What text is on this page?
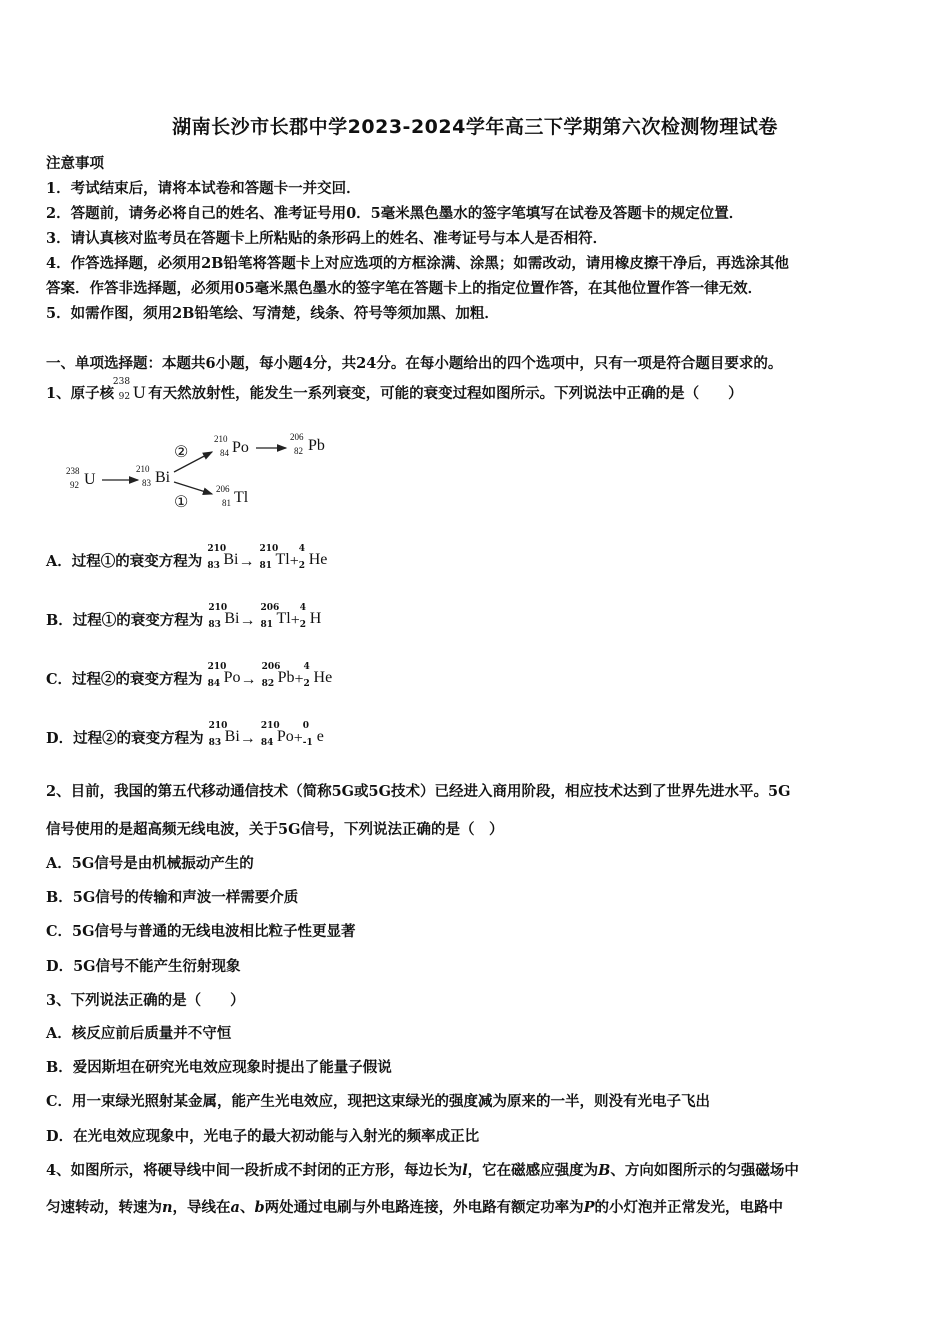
湖南长沙市长郡中学2023-2024学年高三下学期第六次检测物理试卷
注意事项
1．考试结束后，请将本试卷和答题卡一并交回．
2．答题前，请务必将自己的姓名、准考证号用0．5毫米黑色墨水的签字笔填写在试卷及答题卡的规定位置．
3．请认真核对监考员在答题卡上所粘贴的条形码上的姓名、准考证号与本人是否相符．
4．作答选择题，必须用2B铅笔将答题卡上对应选项的方框涂满、涂黑；如需改动，请用橡皮擦干净后，再选涂其他
答案．作答非选择题，必须用05毫米黑色墨水的签字笔在答题卡上的指定位置作答，在其他位置作答一律无效．
5．如需作图，须用2B铅笔绘、写清楚，线条、符号等须加黑、加粗．
一、单项选择题：本题共6小题，每小题4分，共24分。在每小题给出的四个选项中，只有一项是符合题目要求的。
1、原子核
238
92 U 有天然放射性，能发生一系列衰变，可能的衰变过程如图所示。下列说法中正确的是（　　）
238
92 U
210
83 Bi
②
①
210
84 Po
206
82 Pb
206
81 Tl
A．过程①的衰变方程为
210
83 Bi→
210
81 Tl+
4
2 He
B．过程①的衰变方程为
210
83 Bi→
206
81 Tl+
4
2 H
C．过程②的衰变方程为
210
84 Po→
206
82 Pb+
4
2 He
D．过程②的衰变方程为
210
83 Bi→
210
84 Po+
0
-1 e
2、目前，我国的第五代移动通信技术（简称5G或5G技术）已经进入商用阶段，相应技术达到了世界先进水平。5G
信号使用的是超高频无线电波，关于5G信号，下列说法正确的是（　）
A．5G信号是由机械振动产生的
B．5G信号的传输和声波一样需要介质
C．5G信号与普通的无线电波相比粒子性更显著
D．5G信号不能产生衍射现象
3、下列说法正确的是（　　）
A．核反应前后质量并不守恒
B．爱因斯坦在研究光电效应现象时提出了能量子假说
C．用一束绿光照射某金属，能产生光电效应，现把这束绿光的强度减为原来的一半，则没有光电子飞出
D．在光电效应现象中，光电子的最大初动能与入射光的频率成正比
4、如图所示，将硬导线中间一段折成不封闭的正方形，每边长为l，它在磁感应强度为B、方向如图所示的匀强磁场中
匀速转动，转速为n，导线在a、b两处通过电刷与外电路连接，外电路有额定功率为P的小灯泡并正常发光，电路中
